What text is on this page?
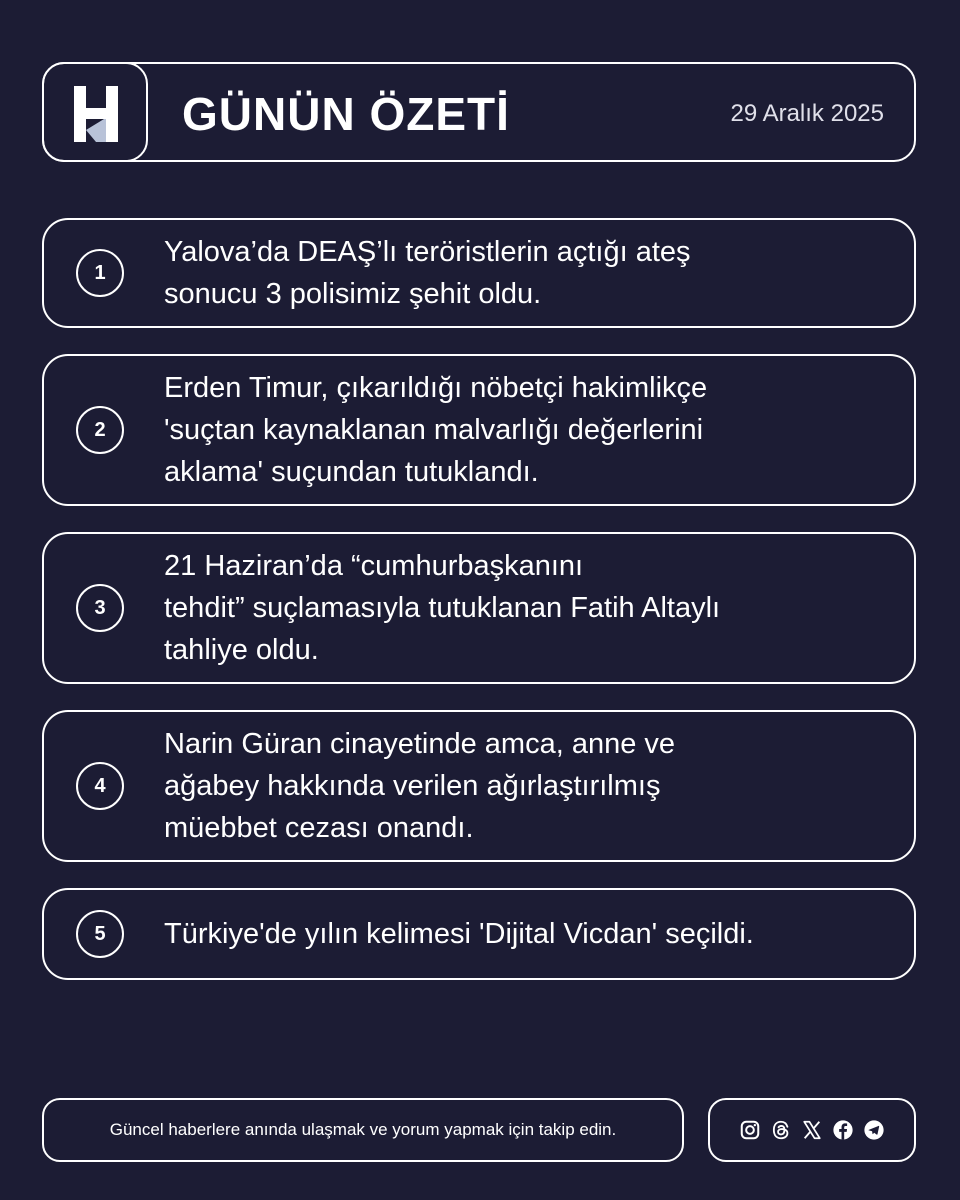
GÜNÜN ÖZETİ	29 Aralık 2025
1
Yalova’da DEAŞ’lı teröristlerin açtığı ateş
sonucu 3 polisimiz şehit oldu.
2
Erden Timur, çıkarıldığı nöbetçi hakimlikçe
'suçtan kaynaklanan malvarlığı değerlerini
aklama' suçundan tutuklandı.
3
21 Haziran’da “cumhurbaşkanını
tehdit” suçlamasıyla tutuklanan Fatih Altaylı
tahliye oldu.
4
Narin Güran cinayetinde amca, anne ve
ağabey hakkında verilen ağırlaştırılmış
müebbet cezası onandı.
5	Türkiye'de yılın kelimesi 'Dijital Vicdan' seçildi.
Güncel haberlere anında ulaşmak ve yorum yapmak için takip edin.
